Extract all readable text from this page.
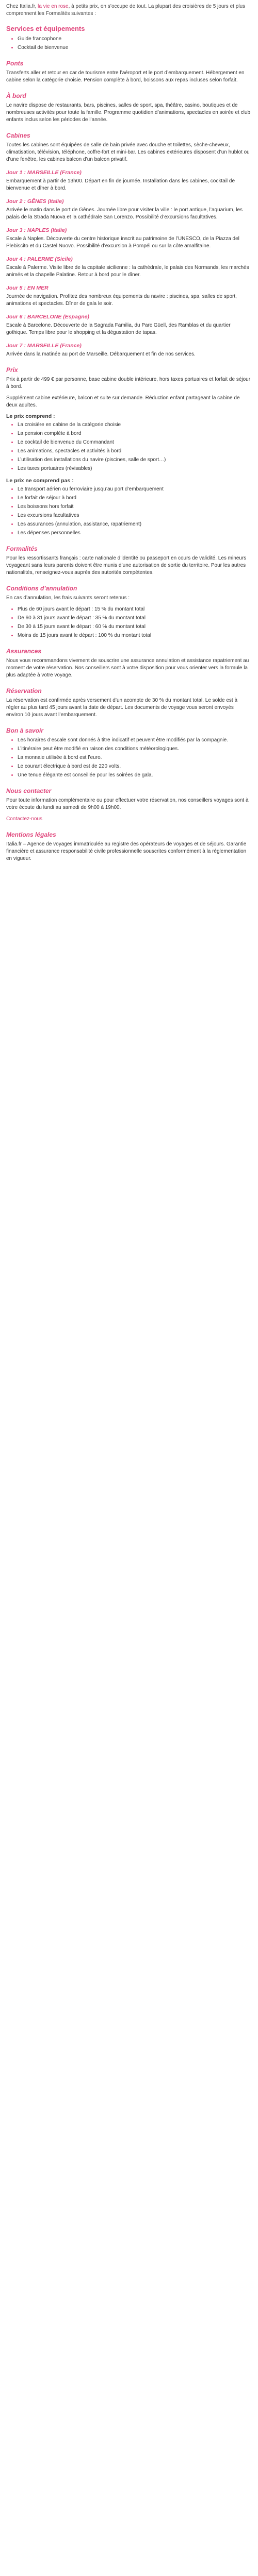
Chez Italia.fr, la vie en rose, à petits prix, on s’occupe de tout. La plupart des croisières de 5 jours et plus comprennent les Formalités suivantes :

Services et équipements
• Guide francophone
• Cocktail de bienvenue
Ponts

Transferts aller et retour en car de tourisme entre l’aéroport et le port d’embarquement. Hébergement en cabine selon la catégorie choisie. Pension complète à bord, boissons aux repas incluses selon forfait.

À bord

Le navire dispose de restaurants, bars, piscines, salles de sport, spa, théâtre, casino, boutiques et de nombreuses activités pour toute la famille. Programme quotidien d’animations, spectacles en soirée et club enfants inclus selon les périodes de l’année.

Cabines

Toutes les cabines sont équipées de salle de bain privée avec douche et toilettes, sèche-cheveux, climatisation, télévision, téléphone, coffre-fort et mini-bar. Les cabines extérieures disposent d’un hublot ou d’une fenêtre, les cabines balcon d’un balcon privatif.

Jour 1 : MARSEILLE (France)

Embarquement à partir de 13h00. Départ en fin de journée. Installation dans les cabines, cocktail de bienvenue et dîner à bord.

Jour 2 : GÊNES (Italie)

Arrivée le matin dans le port de Gênes. Journée libre pour visiter la ville : le port antique, l’aquarium, les palais de la Strada Nuova et la cathédrale San Lorenzo. Possibilité d’excursions facultatives.

Jour 3 : NAPLES (Italie)

Escale à Naples. Découverte du centre historique inscrit au patrimoine de l’UNESCO, de la Piazza del Plebiscito et du Castel Nuovo. Possibilité d’excursion à Pompéi ou sur la côte amalfitaine.

Jour 4 : PALERME (Sicile)

Escale à Palerme. Visite libre de la capitale sicilienne : la cathédrale, le palais des Normands, les marchés animés et la chapelle Palatine. Retour à bord pour le dîner.

Jour 5 : EN MER

Journée de navigation. Profitez des nombreux équipements du navire : piscines, spa, salles de sport, animations et spectacles. Dîner de gala le soir.

Jour 6 : BARCELONE (Espagne)

Escale à Barcelone. Découverte de la Sagrada Familia, du Parc Güell, des Ramblas et du quartier gothique. Temps libre pour le shopping et la dégustation de tapas.

Jour 7 : MARSEILLE (France)

Arrivée dans la matinée au port de Marseille. Débarquement et fin de nos services.

Prix

Prix à partir de 499 € par personne, base cabine double intérieure, hors taxes portuaires et forfait de séjour à bord.

Supplément cabine extérieure, balcon et suite sur demande. Réduction enfant partageant la cabine de deux adultes.

Le prix comprend :
• La croisière en cabine de la catégorie choisie
• La pension complète à bord
• Le cocktail de bienvenue du Commandant
• Les animations, spectacles et activités à bord
• L’utilisation des installations du navire (piscines, salle de sport…)
• Les taxes portuaires (révisables)
Le prix ne comprend pas :
• Le transport aérien ou ferroviaire jusqu’au port d’embarquement
• Le forfait de séjour à bord
• Les boissons hors forfait
• Les excursions facultatives
• Les assurances (annulation, assistance, rapatriement)
• Les dépenses personnelles
Formalités

Pour les ressortissants français : carte nationale d’identité ou passeport en cours de validité. Les mineurs voyageant sans leurs parents doivent être munis d’une autorisation de sortie du territoire. Pour les autres nationalités, renseignez-vous auprès des autorités compétentes.

Conditions d’annulation

En cas d’annulation, les frais suivants seront retenus :

• Plus de 60 jours avant le départ : 15 % du montant total
• De 60 à 31 jours avant le départ : 35 % du montant total
• De 30 à 15 jours avant le départ : 60 % du montant total
• Moins de 15 jours avant le départ : 100 % du montant total
Assurances

Nous vous recommandons vivement de souscrire une assurance annulation et assistance rapatriement au moment de votre réservation. Nos conseillers sont à votre disposition pour vous orienter vers la formule la plus adaptée à votre voyage.

Réservation

La réservation est confirmée après versement d’un acompte de 30 % du montant total. Le solde est à régler au plus tard 45 jours avant la date de départ. Les documents de voyage vous seront envoyés environ 10 jours avant l’embarquement.

Bon à savoir
• Les horaires d’escale sont donnés à titre indicatif et peuvent être modifiés par la compagnie.
• L’itinéraire peut être modifié en raison des conditions météorologiques.
• La monnaie utilisée à bord est l’euro.
• Le courant électrique à bord est de 220 volts.
• Une tenue élégante est conseillée pour les soirées de gala.
Nous contacter

Pour toute information complémentaire ou pour effectuer votre réservation, nos conseillers voyages sont à votre écoute du lundi au samedi de 9h00 à 19h00.

Contactez-nous

Mentions légales

Italia.fr – Agence de voyages immatriculée au registre des opérateurs de voyages et de séjours. Garantie financière et assurance responsabilité civile professionnelle souscrites conformément à la réglementation en vigueur.
